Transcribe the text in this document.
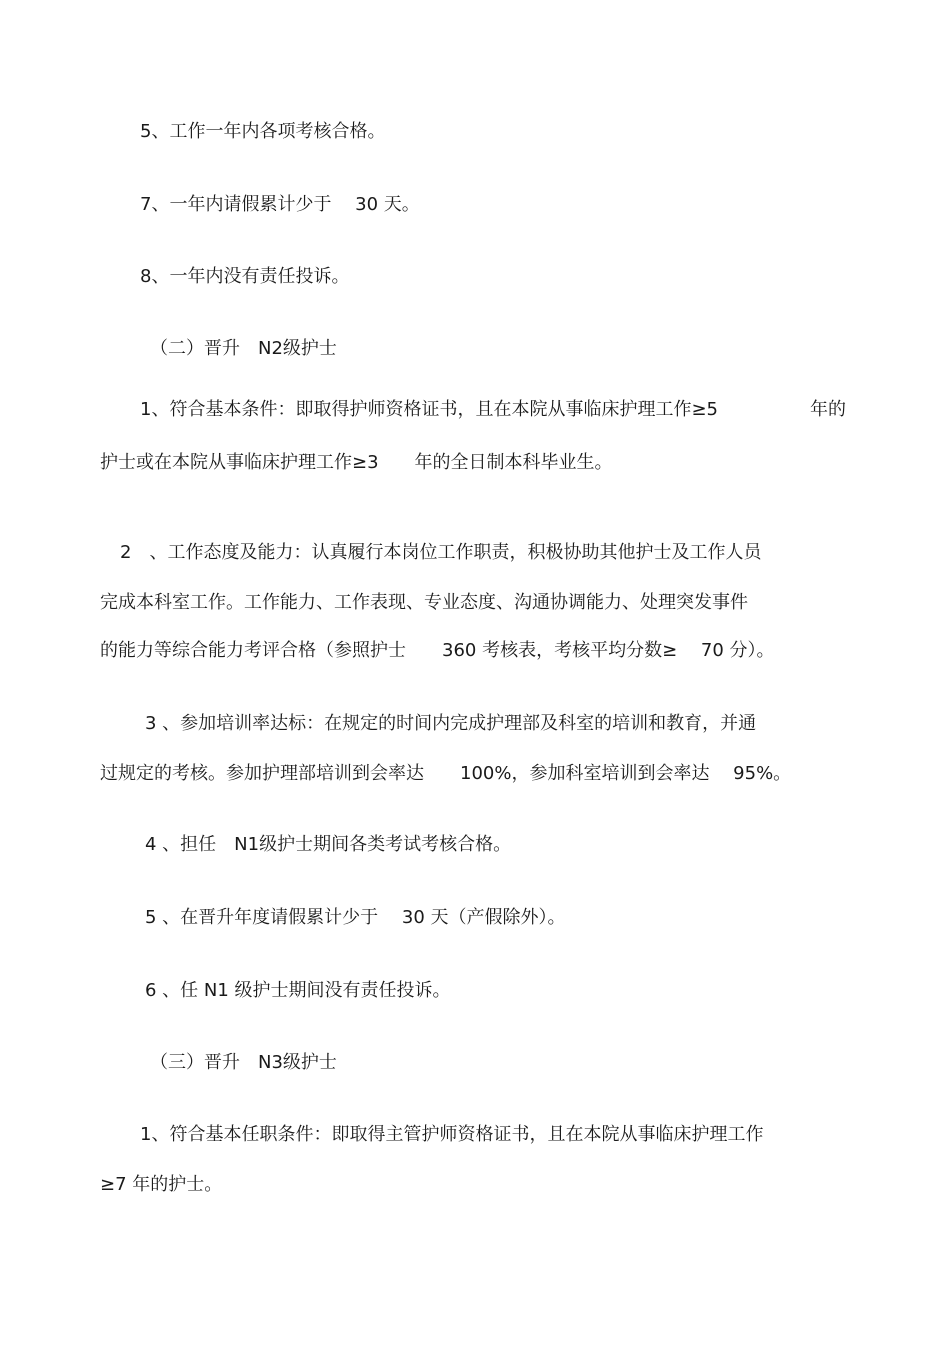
5、工作一年内各项考核合格。
7、一年内请假累计少于　 30 天。
8、一年内没有责任投诉。
（二）晋升　N2级护士
1、符合基本条件：即取得护师资格证书，且在本院从事临床护理工作≥5	年的
护士或在本院从事临床护理工作≥3　　年的全日制本科毕业生。
2　、工作态度及能力：认真履行本岗位工作职责，积极协助其他护士及工作人员
完成本科室工作。工作能力、工作表现、专业态度、沟通协调能力、处理突发事件
的能力等综合能力考评合格（参照护士　　360 考核表，考核平均分数≥　 70 分）。
3 、参加培训率达标：在规定的时间内完成护理部及科室的培训和教育，并通
过规定的考核。参加护理部培训到会率达　　100%，参加科室培训到会率达　 95%。
4 、担任　N1级护士期间各类考试考核合格。
5 、在晋升年度请假累计少于　 30 天（产假除外）。
6 、任 N1 级护士期间没有责任投诉。
（三）晋升　N3级护士
1、符合基本任职条件：即取得主管护师资格证书，且在本院从事临床护理工作
≥7 年的护士。
